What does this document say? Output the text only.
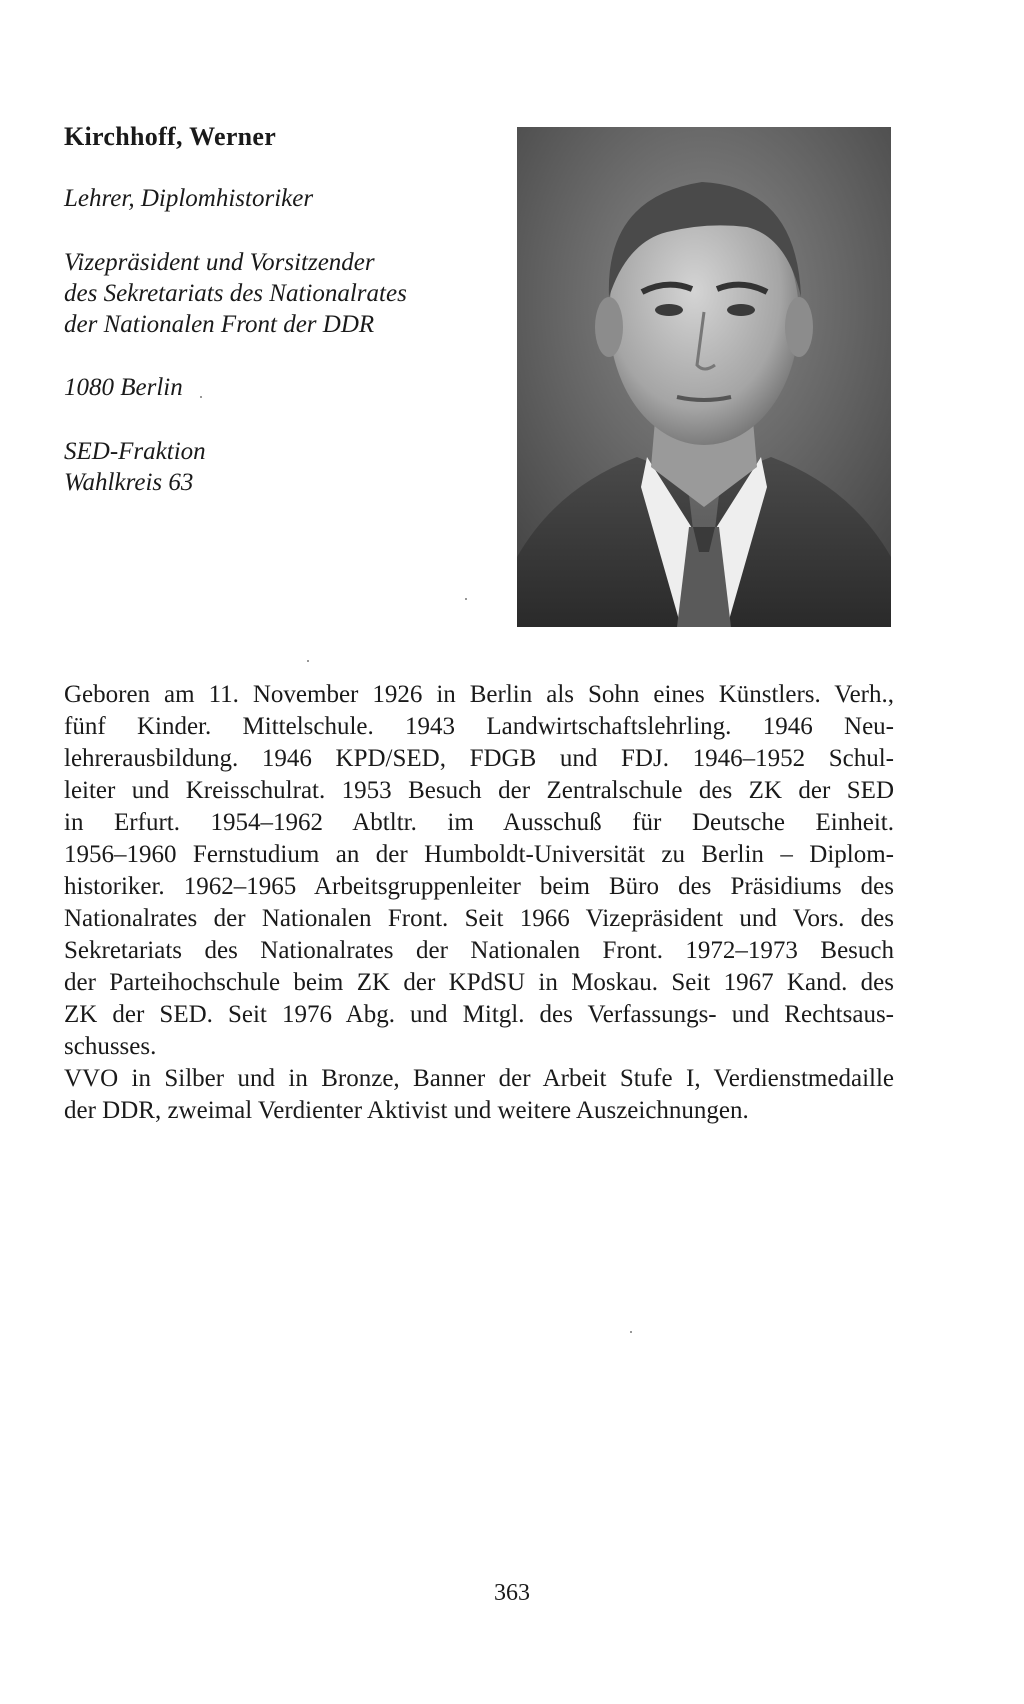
Kirchhoff, Werner
Lehrer, Diplomhistoriker
Vizepräsident und Vorsitzender
des Sekretariats des Nationalrates
der Nationalen Front der DDR
1080 Berlin
SED-Fraktion
Wahlkreis 63
Geboren am 11. November 1926 in Berlin als Sohn eines Künstlers. Verh.,
fünf Kinder. Mittelschule. 1943 Landwirtschaftslehrling. 1946 Neu-
lehrerausbildung. 1946 KPD/SED, FDGB und FDJ. 1946–1952 Schul-
leiter und Kreisschulrat. 1953 Besuch der Zentralschule des ZK der SED
in Erfurt. 1954–1962 Abtltr. im Ausschuß für Deutsche Einheit.
1956–1960 Fernstudium an der Humboldt-Universität zu Berlin – Diplom-
historiker. 1962–1965 Arbeitsgruppenleiter beim Büro des Präsidiums des
Nationalrates der Nationalen Front. Seit 1966 Vizepräsident und Vors. des
Sekretariats des Nationalrates der Nationalen Front. 1972–1973 Besuch
der Parteihochschule beim ZK der KPdSU in Moskau. Seit 1967 Kand. des
ZK der SED. Seit 1976 Abg. und Mitgl. des Verfassungs- und Rechtsaus-
schusses.
VVO in Silber und in Bronze, Banner der Arbeit Stufe I, Verdienstmedaille
der DDR, zweimal Verdienter Aktivist und weitere Auszeichnungen.
363
